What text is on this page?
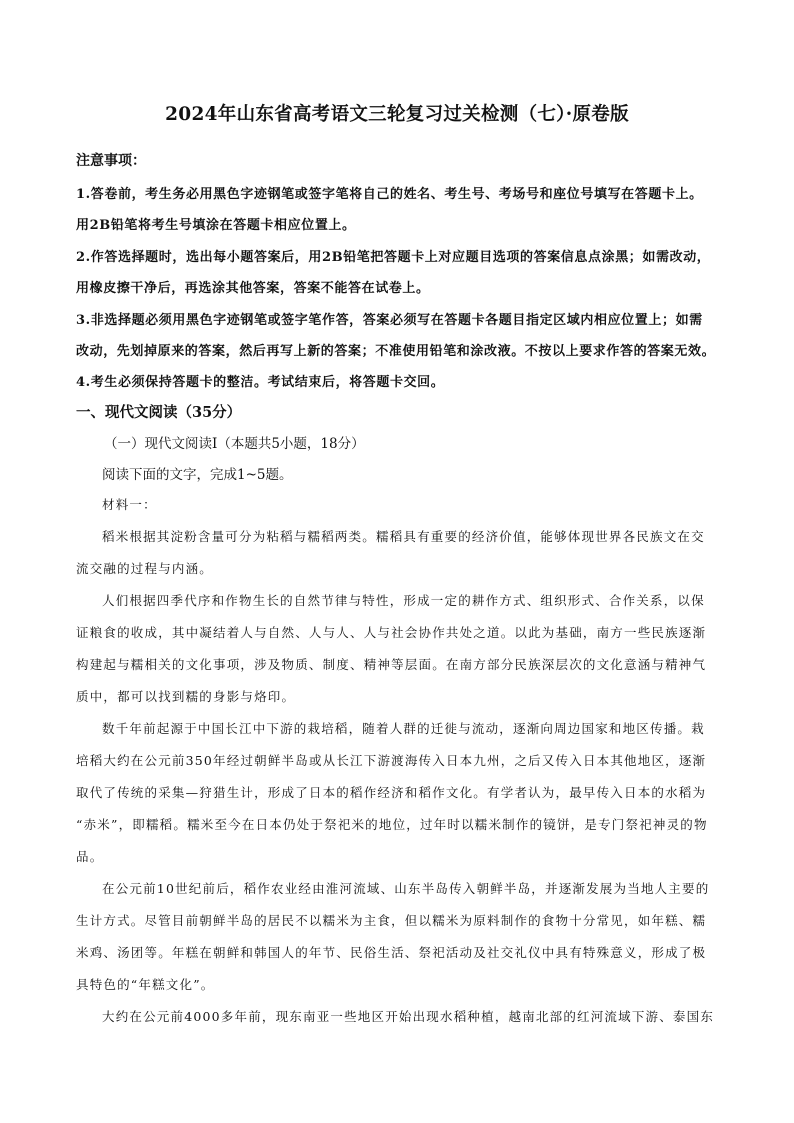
2024年山东省高考语文三轮复习过关检测（七）·原卷版
注意事项：
1.答卷前，考生务必用黑色字迹钢笔或签字笔将自己的姓名、考生号、考场号和座位号填写在答题卡上。
用2B铅笔将考生号填涂在答题卡相应位置上。
2.作答选择题时，选出每小题答案后，用2B铅笔把答题卡上对应题目选项的答案信息点涂黑；如需改动，
用橡皮擦干净后，再选涂其他答案，答案不能答在试卷上。
3.非选择题必须用黑色字迹钢笔或签字笔作答，答案必须写在答题卡各题目指定区域内相应位置上；如需
改动，先划掉原来的答案，然后再写上新的答案；不准使用铅笔和涂改液。不按以上要求作答的答案无效。
4.考生必须保持答题卡的整洁。考试结束后，将答题卡交回。
一、现代文阅读（35分）
（一）现代文阅读Ⅰ（本题共5小题，18分）
阅读下面的文字，完成1~5题。
材料一：
稻米根据其淀粉含量可分为粘稻与糯稻两类。糯稻具有重要的经济价值，能够体现世界各民族文在交
流交融的过程与内涵。
人们根据四季代序和作物生长的自然节律与特性，形成一定的耕作方式、组织形式、合作关系，以保
证粮食的收成，其中凝结着人与自然、人与人、人与社会协作共处之道。以此为基础，南方一些民族逐渐
构建起与糯相关的文化事项，涉及物质、制度、精神等层面。在南方部分民族深层次的文化意涵与精神气
质中，都可以找到糯的身影与烙印。
数千年前起源于中国长江中下游的栽培稻，随着人群的迁徙与流动，逐渐向周边国家和地区传播。栽
培稻大约在公元前350年经过朝鲜半岛或从长江下游渡海传入日本九州，之后又传入日本其他地区，逐渐
取代了传统的采集—狩猎生计，形成了日本的稻作经济和稻作文化。有学者认为，最早传入日本的水稻为
“赤米”，即糯稻。糯米至今在日本仍处于祭祀米的地位，过年时以糯米制作的镜饼，是专门祭祀神灵的物
品。
在公元前10世纪前后，稻作农业经由淮河流域、山东半岛传入朝鲜半岛，并逐渐发展为当地人主要的
生计方式。尽管目前朝鲜半岛的居民不以糯米为主食，但以糯米为原料制作的食物十分常见，如年糕、糯
米鸡、汤团等。年糕在朝鲜和韩国人的年节、民俗生活、祭祀活动及社交礼仪中具有特殊意义，形成了极
具特色的“年糕文化”。
大约在公元前4000多年前，现东南亚一些地区开始出现水稻种植，越南北部的红河流域下游、泰国东
